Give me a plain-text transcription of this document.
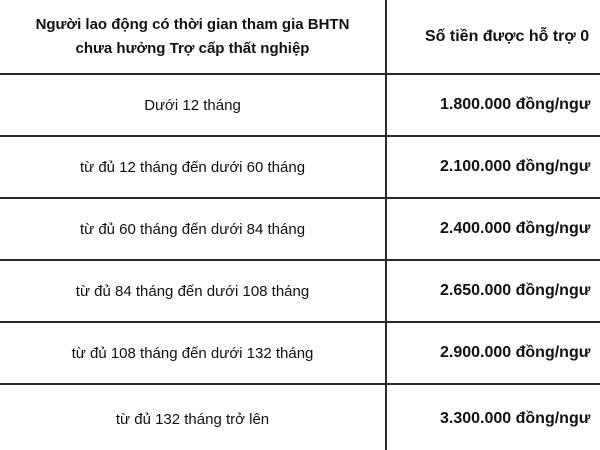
Người lao động có thời gian tham gia BHTN
chưa hưởng Trợ cấp thất nghiệp	Số tiền được hỗ trợ 0
Dưới 12 tháng	1.800.000 đồng/ngư
từ đủ 12 tháng đến dưới 60 tháng	2.100.000 đồng/ngư
từ đủ 60 tháng đến dưới 84 tháng	2.400.000 đồng/ngư
từ đủ 84 tháng đến dưới 108 tháng	2.650.000 đồng/ngư
từ đủ 108 tháng đến dưới 132 tháng	2.900.000 đồng/ngư
từ đủ 132 tháng trở lên	3.300.000 đồng/ngư
